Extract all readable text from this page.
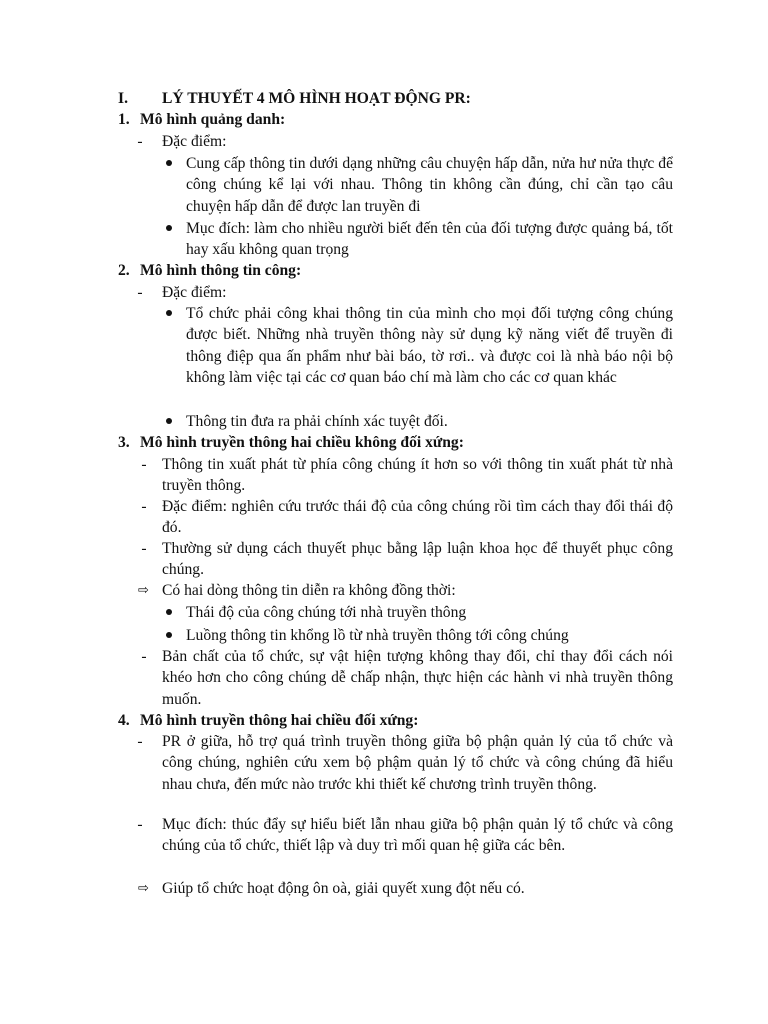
I. LÝ THUYẾT 4 MÔ HÌNH HOẠT ĐỘNG PR:
1. Mô hình quảng danh:
- Đặc điểm:
Cung cấp thông tin dưới dạng những câu chuyện hấp dẫn, nửa hư nửa thực để công chúng kể lại với nhau. Thông tin không cần đúng, chỉ cần tạo câu chuyện hấp dẫn để được lan truyền đi
Mục đích: làm cho nhiều người biết đến tên của đối tượng được quảng bá, tốt hay xấu không quan trọng
2. Mô hình thông tin công:
- Đặc điểm:
Tổ chức phải công khai thông tin của mình cho mọi đối tượng công chúng được biết. Những nhà truyền thông này sử dụng kỹ năng viết để truyền đi thông điệp qua ấn phẩm như bài báo, tờ rơi.. và được coi là nhà báo nội bộ không làm việc tại các cơ quan báo chí mà làm cho các cơ quan khác
Thông tin đưa ra phải chính xác tuyệt đối.
3. Mô hình truyền thông hai chiều không đối xứng:
- Thông tin xuất phát từ phía công chúng ít hơn so với thông tin xuất phát từ nhà truyền thông.
- Đặc điểm: nghiên cứu trước thái độ của công chúng rồi tìm cách thay đổi thái độ đó.
- Thường sử dụng cách thuyết phục bằng lập luận khoa học để thuyết phục công chúng.
⇨ Có hai dòng thông tin diễn ra không đồng thời:
Thái độ của công chúng tới nhà truyền thông
Luồng thông tin khổng lồ từ nhà truyền thông tới công chúng
- Bản chất của tổ chức, sự vật hiện tượng không thay đổi, chỉ thay đổi cách nói khéo hơn cho công chúng dễ chấp nhận, thực hiện các hành vi nhà truyền thông muốn.
4. Mô hình truyền thông hai chiều đối xứng:
- PR ở giữa, hỗ trợ quá trình truyền thông giữa bộ phận quản lý của tổ chức và công chúng, nghiên cứu xem bộ phậm quản lý tổ chức và công chúng đã hiểu nhau chưa, đến mức nào trước khi thiết kế chương trình truyền thông.
- Mục đích: thúc đẩy sự hiểu biết lẫn nhau giữa bộ phận quản lý tổ chức và công chúng của tổ chức, thiết lập và duy trì mối quan hệ giữa các bên.
⇨ Giúp tổ chức hoạt động ôn oà, giải quyết xung đột nếu có.
